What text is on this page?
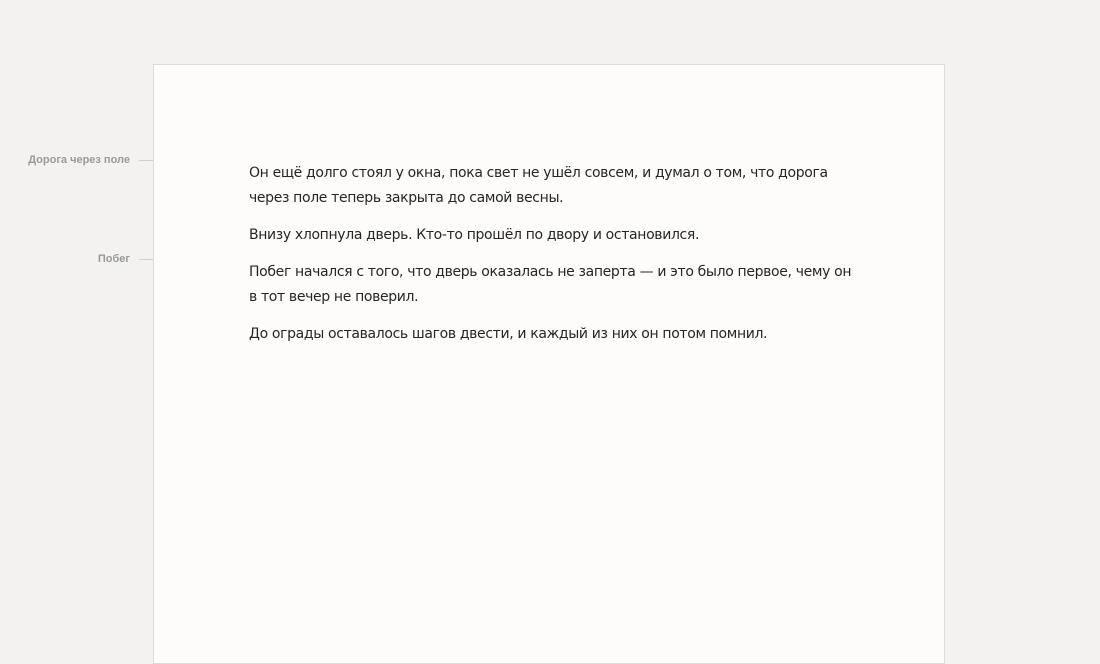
Дорога через поле
Побег

Он ещё долго стоял у окна, пока свет не ушёл совсем, и думал о том, что дорога через поле теперь закрыта до самой весны.

Внизу хлопнула дверь. Кто-то прошёл по двору и остановился.

Побег начался с того, что дверь оказалась не заперта — и это было первое, чему он в тот вечер не поверил.

До ограды оставалось шагов двести, и каждый из них он потом помнил.
